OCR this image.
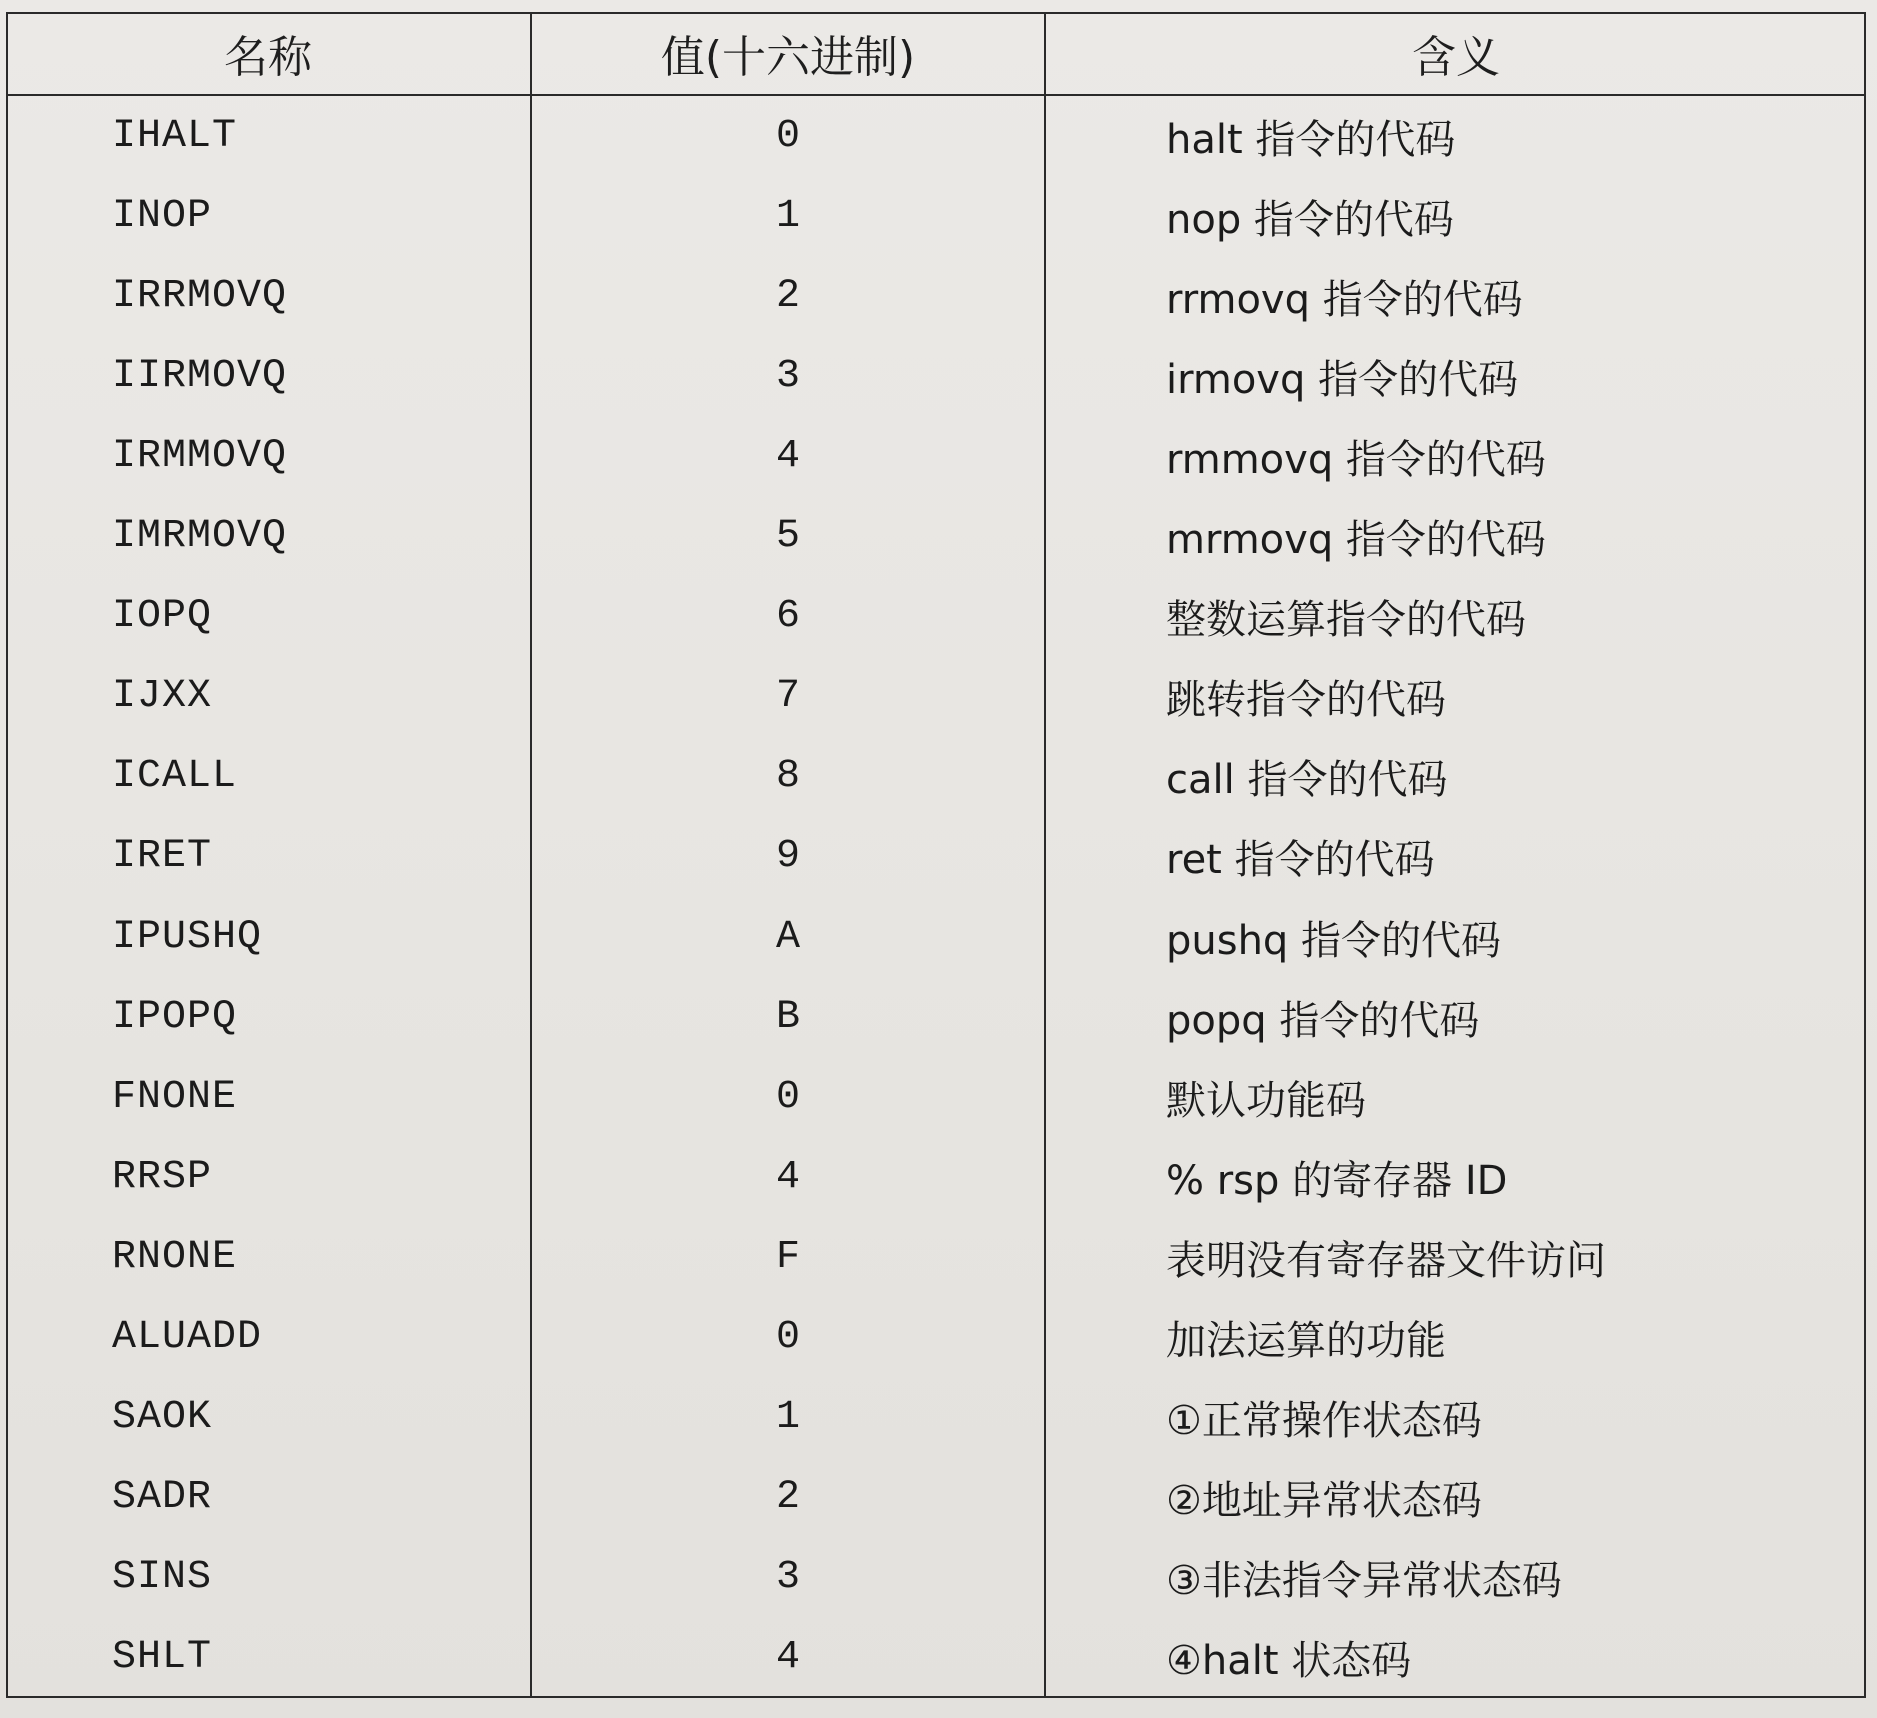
名称	值(十六进制)	含义
IHALT	0	halt 指令的代码
INOP	1	nop 指令的代码
IRRMOVQ	2	rrmovq 指令的代码
IIRMOVQ	3	irmovq 指令的代码
IRMMOVQ	4	rmmovq 指令的代码
IMRMOVQ	5	mrmovq 指令的代码
IOPQ	6	整数运算指令的代码
IJXX	7	跳转指令的代码
ICALL	8	call 指令的代码
IRET	9	ret 指令的代码
IPUSHQ	A	pushq 指令的代码
IPOPQ	B	popq 指令的代码
FNONE	0	默认功能码
RRSP	4	% rsp 的寄存器 ID
RNONE	F	表明没有寄存器文件访问
ALUADD	0	加法运算的功能
SAOK	1	①正常操作状态码
SADR	2	②地址异常状态码
SINS	3	③非法指令异常状态码
SHLT	4	④halt 状态码
